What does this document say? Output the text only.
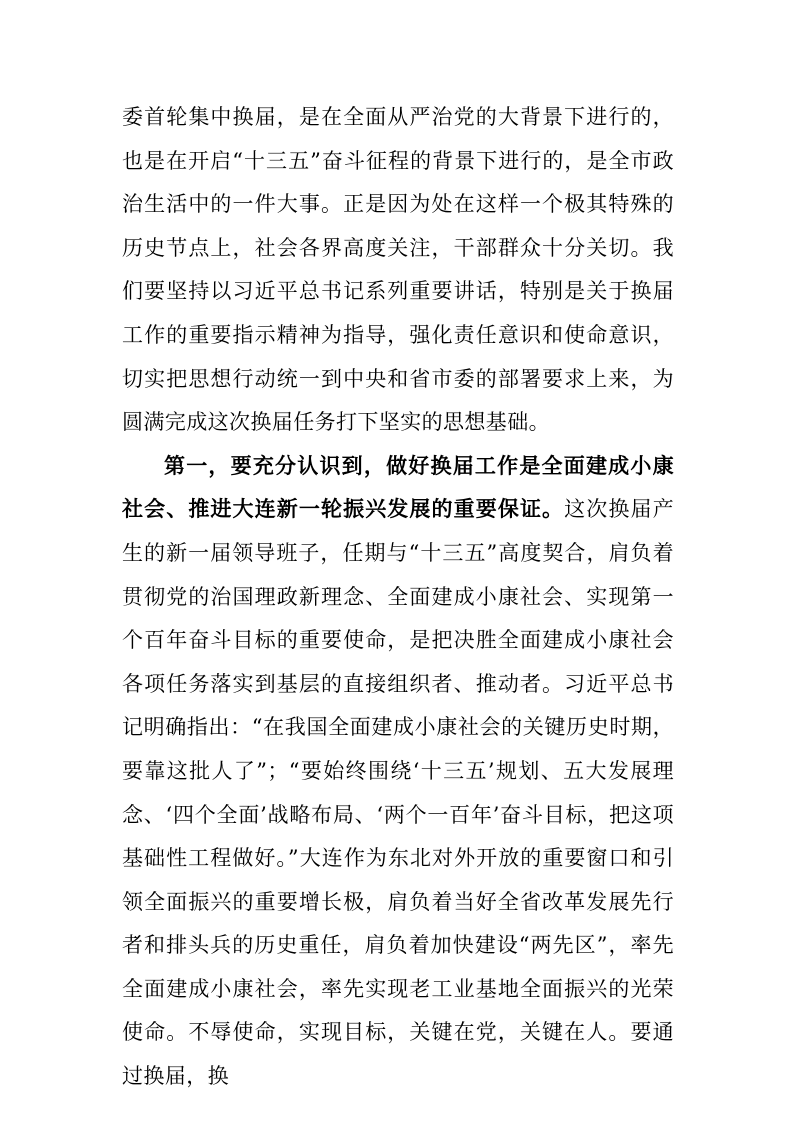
委首轮集中换届，是在全面从严治党的大背景下进行的，也是在开启“十三五”奋斗征程的背景下进行的，是全市政治生活中的一件大事。正是因为处在这样一个极其特殊的历史节点上，社会各界高度关注，干部群众十分关切。我们要坚持以习近平总书记系列重要讲话，特别是关于换届工作的重要指示精神为指导，强化责任意识和使命意识，切实把思想行动统一到中央和省市委的部署要求上来，为圆满完成这次换届任务打下坚实的思想基础。

第一，要充分认识到，做好换届工作是全面建成小康社会、推进大连新一轮振兴发展的重要保证。这次换届产生的新一届领导班子，任期与“十三五”高度契合，肩负着贯彻党的治国理政新理念、全面建成小康社会、实现第一个百年奋斗目标的重要使命，是把决胜全面建成小康社会各项任务落实到基层的直接组织者、推动者。习近平总书记明确指出：“在我国全面建成小康社会的关键历史时期，要靠这批人了”；“要始终围绕‘十三五’规划、五大发展理念、‘四个全面’战略布局、‘两个一百年’奋斗目标，把这项基础性工程做好。”大连作为东北对外开放的重要窗口和引领全面振兴的重要增长极，肩负着当好全省改革发展先行者和排头兵的历史重任，肩负着加快建设“两先区”，率先全面建成小康社会，率先实现老工业基地全面振兴的光荣使命。不辱使命，实现目标，关键在党，关键在人。要通过换届，换
